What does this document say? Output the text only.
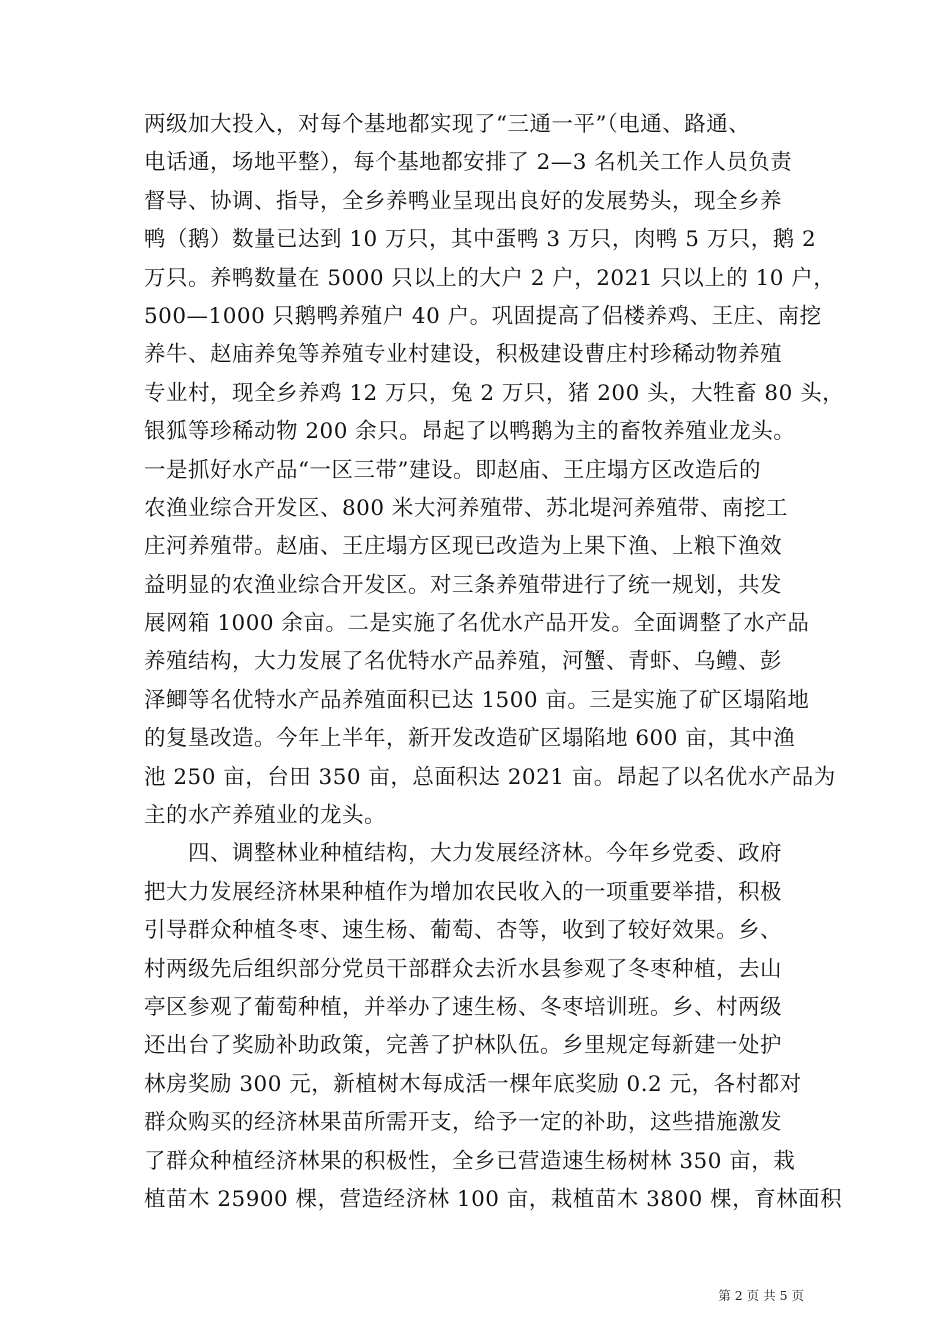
两级加大投入，对每个基地都实现了“三通一平”（电通、路通、
电话通，场地平整），每个基地都安排了 2—3 名机关工作人员负责
督导、协调、指导，全乡养鸭业呈现出良好的发展势头，现全乡养
鸭（鹅）数量已达到 10 万只，其中蛋鸭 3 万只，肉鸭 5 万只，鹅 2
万只。养鸭数量在 5000 只以上的大户 2 户，2021 只以上的 10 户，
500—1000 只鹅鸭养殖户 40 户。巩固提高了侣楼养鸡、王庄、南挖
养牛、赵庙养兔等养殖专业村建设，积极建设曹庄村珍稀动物养殖
专业村，现全乡养鸡 12 万只，兔 2 万只，猪 200 头，大牲畜 80 头，
银狐等珍稀动物 200 余只。昂起了以鸭鹅为主的畜牧养殖业龙头。
一是抓好水产品“一区三带”建设。即赵庙、王庄塌方区改造后的
农渔业综合开发区、800 米大河养殖带、苏北堤河养殖带、南挖工
庄河养殖带。赵庙、王庄塌方区现已改造为上果下渔、上粮下渔效
益明显的农渔业综合开发区。对三条养殖带进行了统一规划，共发
展网箱 1000 余亩。二是实施了名优水产品开发。全面调整了水产品
养殖结构，大力发展了名优特水产品养殖，河蟹、青虾、乌鳢、彭
泽鲫等名优特水产品养殖面积已达 1500 亩。三是实施了矿区塌陷地
的复垦改造。今年上半年，新开发改造矿区塌陷地 600 亩，其中渔
池 250 亩，台田 350 亩，总面积达 2021 亩。昂起了以名优水产品为
主的水产养殖业的龙头。
　　四、调整林业种植结构，大力发展经济林。今年乡党委、政府
把大力发展经济林果种植作为增加农民收入的一项重要举措，积极
引导群众种植冬枣、速生杨、葡萄、杏等，收到了较好效果。乡、
村两级先后组织部分党员干部群众去沂水县参观了冬枣种植，去山
亭区参观了葡萄种植，并举办了速生杨、冬枣培训班。乡、村两级
还出台了奖励补助政策，完善了护林队伍。乡里规定每新建一处护
林房奖励 300 元，新植树木每成活一棵年底奖励 0.2 元，各村都对
群众购买的经济林果苗所需开支，给予一定的补助，这些措施激发
了群众种植经济林果的积极性，全乡已营造速生杨树林 350 亩，栽
植苗木 25900 棵，营造经济林 100 亩，栽植苗木 3800 棵，育林面积
第 2 页 共 5 页
